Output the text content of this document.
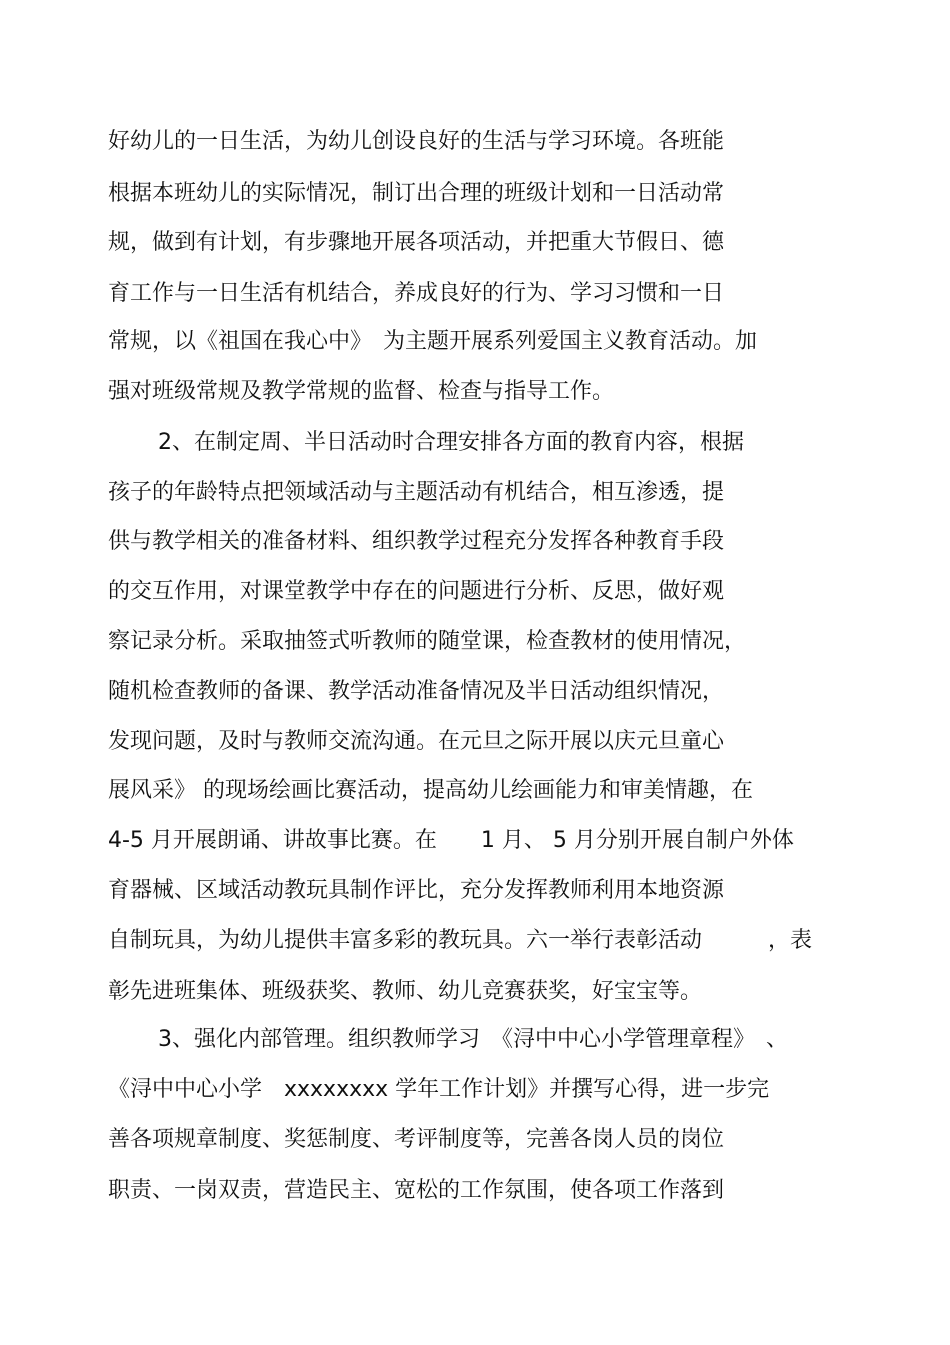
好幼儿的一日生活，为幼儿创设良好的生活与学习环境。各班能
根据本班幼儿的实际情况，制订出合理的班级计划和一日活动常
规，做到有计划，有步骤地开展各项活动，并把重大节假日、德
育工作与一日生活有机结合，养成良好的行为、学习习惯和一日
常规，以《祖国在我心中》　为主题开展系列爱国主义教育活动。加
强对班级常规及教学常规的监督、检查与指导工作。
2、在制定周、半日活动时合理安排各方面的教育内容，根据
孩子的年龄特点把领域活动与主题活动有机结合，相互渗透，提
供与教学相关的准备材料、组织教学过程充分发挥各种教育手段
的交互作用，对课堂教学中存在的问题进行分析、反思，做好观
察记录分析。采取抽签式听教师的随堂课，检查教材的使用情况，
随机检查教师的备课、教学活动准备情况及半日活动组织情况，
发现问题，及时与教师交流沟通。在元旦之际开展以庆元旦童心
展风采》 的现场绘画比赛活动，提高幼儿绘画能力和审美情趣，在
4-5 月开展朗诵、讲故事比赛。在　　1 月、 5 月分别开展自制户外体
育器械、区域活动教玩具制作评比，充分发挥教师利用本地资源
自制玩具，为幼儿提供丰富多彩的教玩具。六一举行表彰活动　　　，表
彰先进班集体、班级获奖、教师、幼儿竞赛获奖，好宝宝等。
3、强化内部管理。组织教师学习　《浔中中心小学管理章程》　、
《浔中中心小学　xxxxxxxx 学年工作计划》并撰写心得，进一步完
善各项规章制度、奖惩制度、考评制度等，完善各岗人员的岗位
职责、一岗双责，营造民主、宽松的工作氛围，使各项工作落到
